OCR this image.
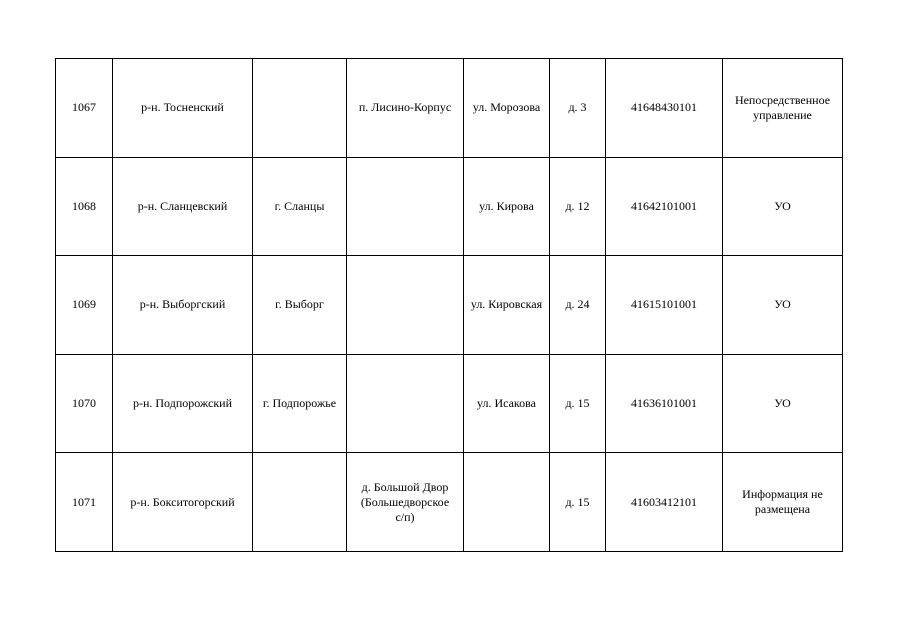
1067	р-н. Тосненский		п. Лисино-Корпус	ул. Морозова	д. 3	41648430101	Непосредственное
управление
1068	р-н. Сланцевский	г. Сланцы		ул. Кирова	д. 12	41642101001	УО
1069	р-н. Выборгский	г. Выборг		ул. Кировская	д. 24	41615101001	УО
1070	р-н. Подпорожский	г. Подпорожье		ул. Исакова	д. 15	41636101001	УО
1071	р-н. Бокситогорский		д. Большой Двор
(Большедворское
с/п)		д. 15	41603412101	Информация не
размещена
